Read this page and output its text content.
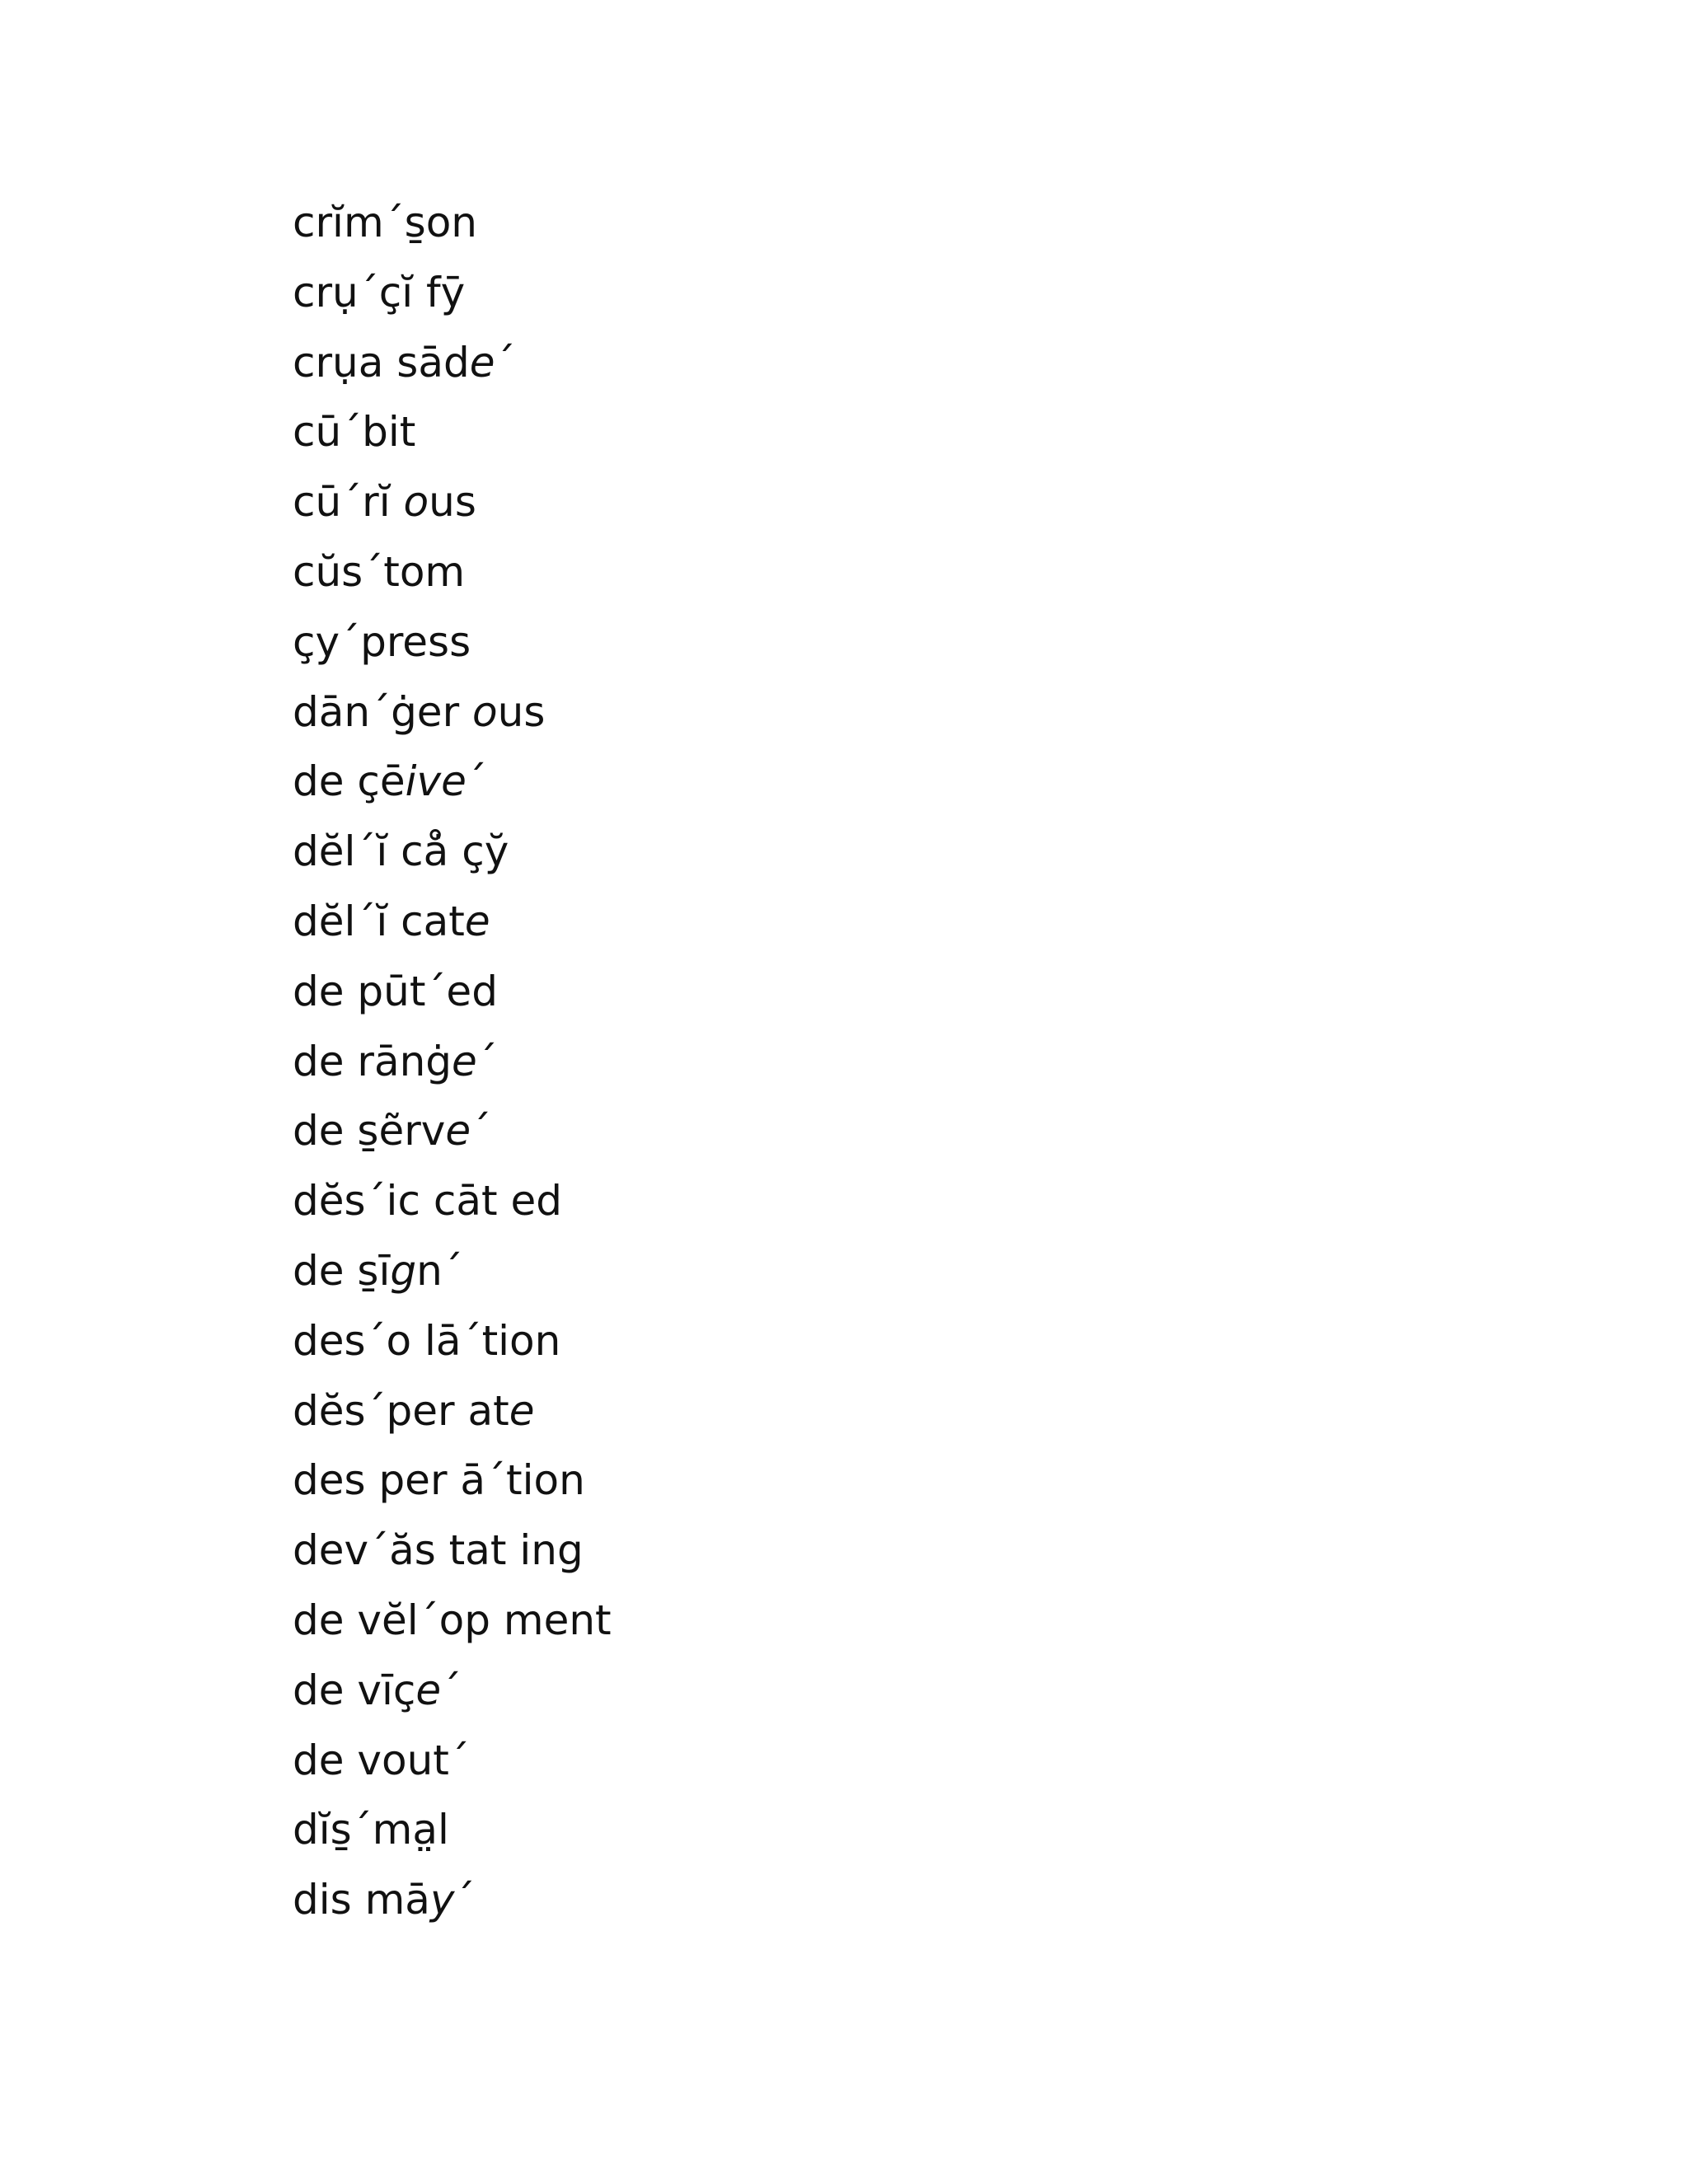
crĭm´s̱on
crụ´çĭ fȳ
crụa sāde´
cū´bit
cū´rĭ ous
cŭs´tom
çy´press
dān´ġer ous
de çēive´
dĕl´ĭ cå̇ çy̆
dĕl´ĭ cate
de pūt´ed
de rānġe´
de s̱ẽrve´
dĕs´ic cāt ed
de s̱īgn´
des´o lā´tion
dĕs´per ate
des per ā´tion
dev´ăs tat ing
de vĕl´op ment
de vīçe´
de vout´
dĭs̱´ma̤l
dis māy´
